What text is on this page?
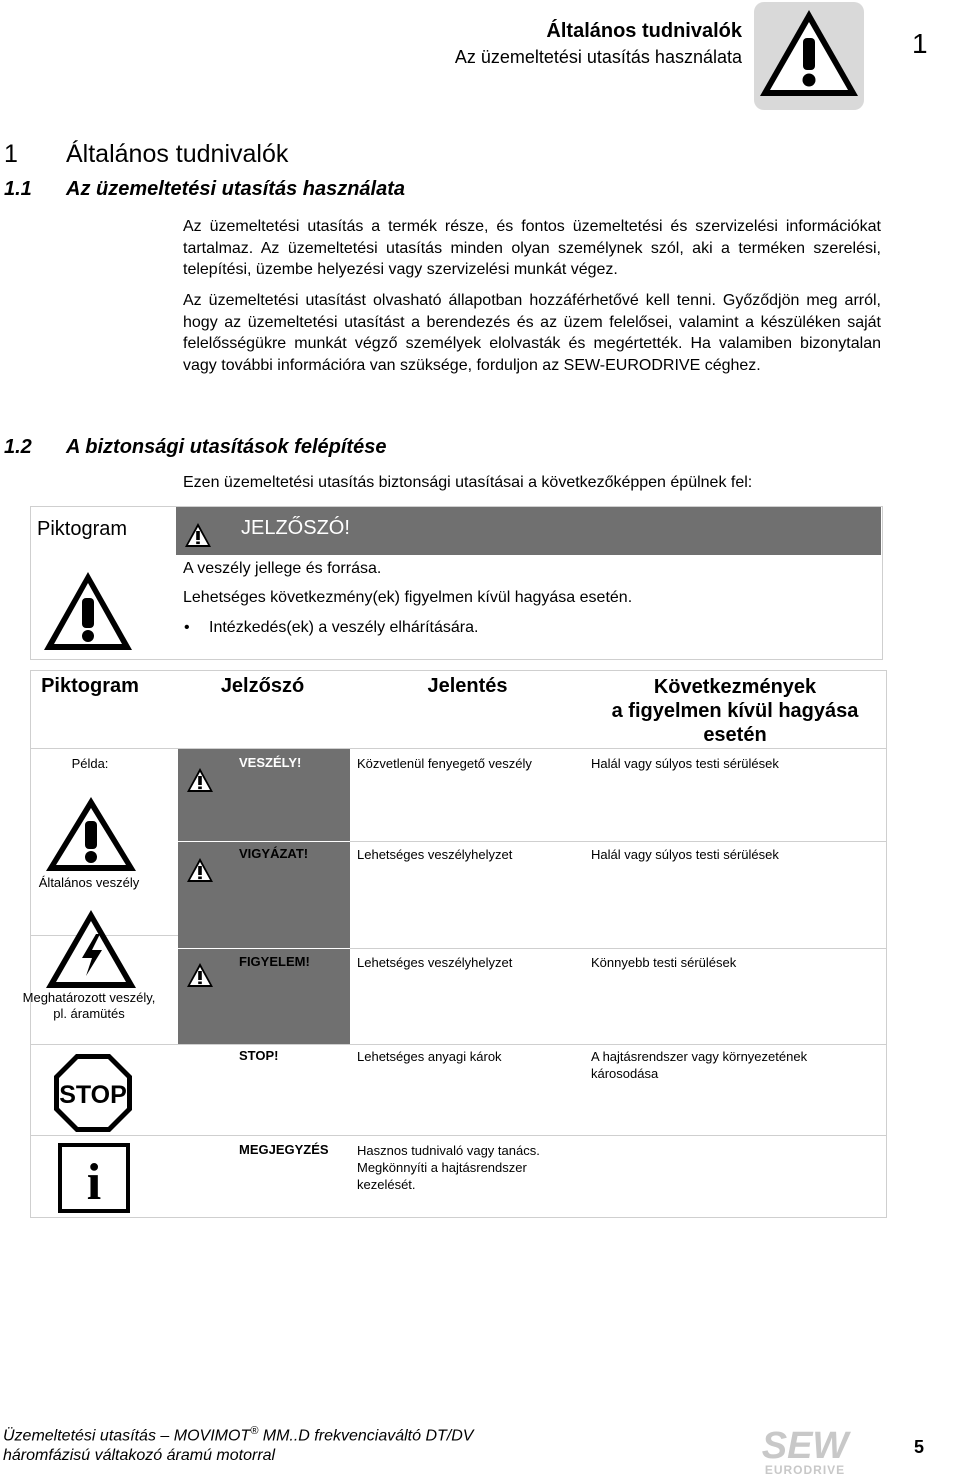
Általános tudnivalók
Az üzemeltetési utasítás használata	1
1 Általános tudnivalók
1.1 Az üzemeltetési utasítás használata
Az üzemeltetési utasítás a termék része, és fontos üzemeltetési és szervizelési információkat tartalmaz. Az üzemeltetési utasítás minden olyan személynek szól, aki a terméken szerelési, telepítési, üzembe helyezési vagy szervizelési munkát végez.
Az üzemeltetési utasítást olvasható állapotban hozzáférhetővé kell tenni. Győződjön meg arról, hogy az üzemeltetési utasítást a berendezés és az üzem felelősei, valamint a készüléken saját felelősségükre munkát végző személyek elolvasták és megértették. Ha valamiben bizonytalan vagy további információra van szüksége, forduljon az SEW-EURODRIVE céghez.
1.2 A biztonsági utasítások felépítése
Ezen üzemeltetési utasítás biztonsági utasításai a következőképpen épülnek fel:
Piktogram	JELZŐSZÓ!
A veszély jellege és forrása.
Lehetséges következmény(ek) figyelmen kívül hagyása esetén.
• Intézkedés(ek) a veszély elhárítására.
Piktogram	Jelzőszó	Jelentés	Következmények
a figyelmen kívül hagyása
esetén
Példa:
Általános veszély
Meghatározott veszély,
pl. áramütés
STOP
i
VESZÉLY!	Közvetlenül fenyegető veszély	Halál vagy súlyos testi sérülések
VIGYÁZAT!	Lehetséges veszélyhelyzet	Halál vagy súlyos testi sérülések
FIGYELEM!	Lehetséges veszélyhelyzet	Könnyebb testi sérülések
STOP!	Lehetséges anyagi károk	A hajtásrendszer vagy környezetének károsodása
MEGJEGYZÉS Hasznos tudnivaló vagy tanács. Megkönnyíti a hajtásrendszer kezelését.
Üzemeltetési utasítás – MOVIMOT® MM..D frekvenciaváltó DT/DV
háromfázisú váltakozó áramú motorral	SEW
EURODRIVE
5
